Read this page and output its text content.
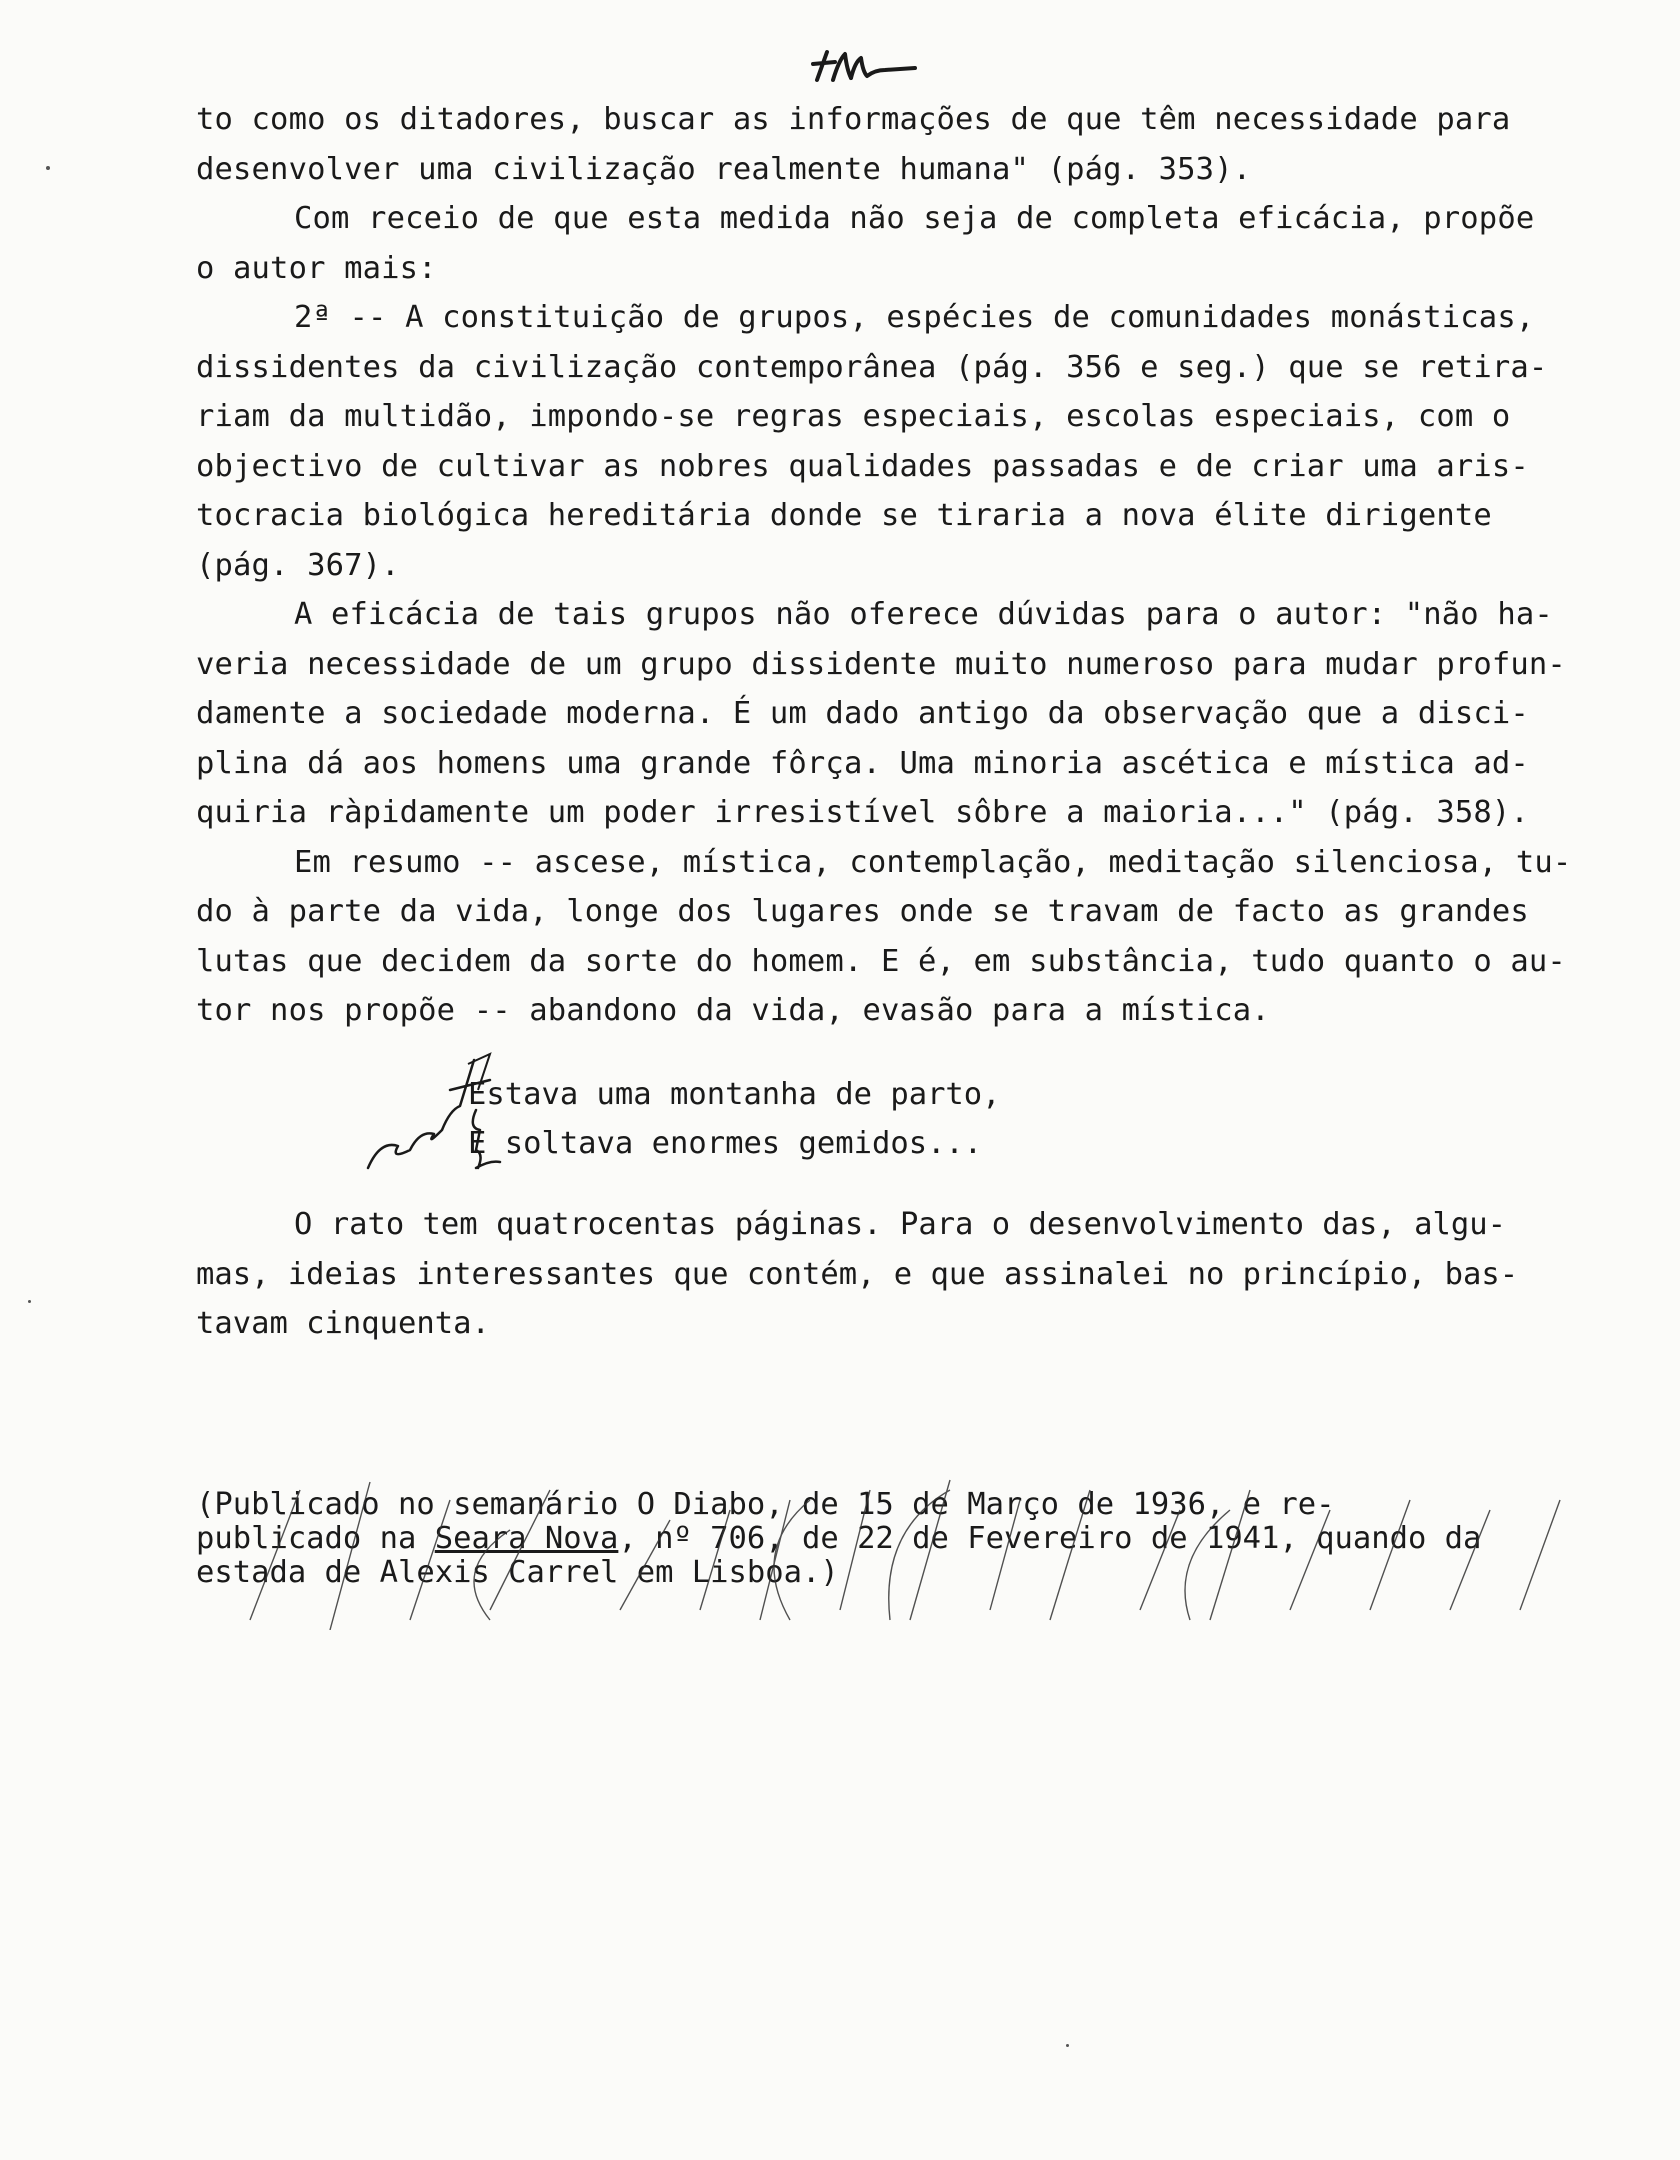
to como os ditadores, buscar as informações de que têm necessidade para
desenvolver uma civilização realmente humana" (pág. 353).
Com receio de que esta medida não seja de completa eficácia, propõe
o autor mais:
2ª -- A constituição de grupos, espécies de comunidades monásticas,
dissidentes da civilização contemporânea (pág. 356 e seg.) que se retira-
riam da multidão, impondo-se regras especiais, escolas especiais, com o
objectivo de cultivar as nobres qualidades passadas e de criar uma aris-
tocracia biológica hereditária donde se tiraria a nova élite dirigente
(pág. 367).
A eficácia de tais grupos não oferece dúvidas para o autor: "não ha-
veria necessidade de um grupo dissidente muito numeroso para mudar profun-
damente a sociedade moderna. É um dado antigo da observação que a disci-
plina dá aos homens uma grande fôrça. Uma minoria ascética e mística ad-
quiria ràpidamente um poder irresistível sôbre a maioria..." (pág. 358).
Em resumo -- ascese, mística, contemplação, meditação silenciosa, tu-
do à parte da vida, longe dos lugares onde se travam de facto as grandes
lutas que decidem da sorte do homem. E é, em substância, tudo quanto o au-
tor nos propõe -- abandono da vida, evasão para a mística.
Estava uma montanha de parto,
E soltava enormes gemidos...
O rato tem quatrocentas páginas. Para o desenvolvimento das, algu-
mas, ideias interessantes que contém, e que assinalei no princípio, bas-
tavam cinquenta.
(Publicado no semanário O Diabo, de 15 de Março de 1936, e re-
publicado na Seara Nova, nº 706, de 22 de Fevereiro de 1941, quando da
estada de Alexis Carrel em Lisboa.)
